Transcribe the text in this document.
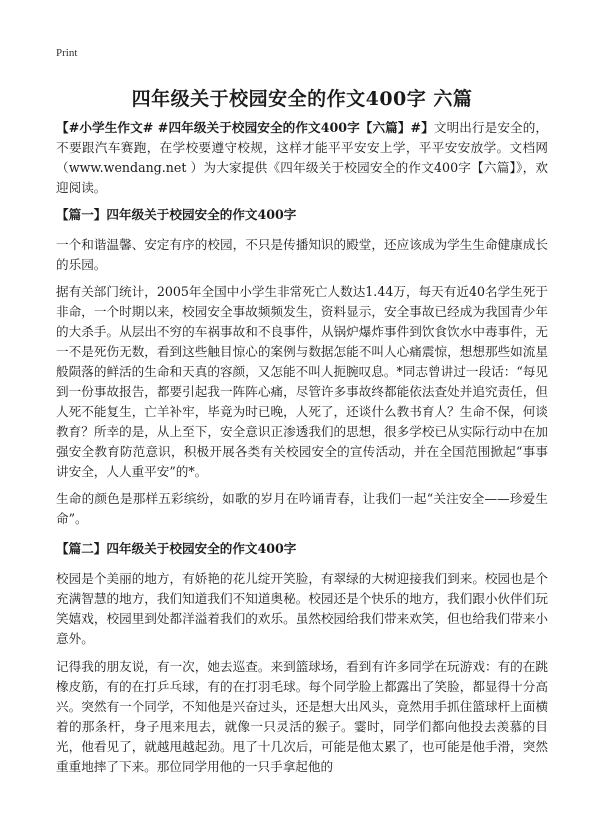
Print
四年级关于校园安全的作文400字 六篇

【#小学生作文# #四年级关于校园安全的作文400字【六篇】#】文明出行是安全的，不要跟汽车赛跑，在学校要遵守校规，这样才能平平安安上学，平平安安放学。文档网（www.wendang.net ）为大家提供《四年级关于校园安全的作文400字【六篇】》，欢迎阅读。

【篇一】四年级关于校园安全的作文400字

一个和谐温馨、安定有序的校园，不只是传播知识的殿堂，还应该成为学生生命健康成长的乐园。

据有关部门统计，2005年全国中小学生非常死亡人数达1.44万，每天有近40名学生死于非命，一个时期以来，校园安全事故频频发生，资料显示，安全事故已经成为我国青少年的大杀手。从层出不穷的车祸事故和不良事件，从锅炉爆炸事件到饮食饮水中毒事件，无一不是死伤无数，看到这些触目惊心的案例与数据怎能不叫人心痛震惊，想想那些如流星般陨落的鲜活的生命和天真的容颜，又怎能不叫人扼腕叹息。*同志曾讲过一段话：“每见到一份事故报告，都要引起我一阵阵心痛，尽管许多事故终都能依法查处并追究责任，但人死不能复生，亡羊补牢，毕竟为时已晚，人死了，还谈什么教书育人？生命不保，何谈教育？所幸的是，从上至下，安全意识正渗透我们的思想，很多学校已从实际行动中在加强安全教育防范意识，积极开展各类有关校园安全的宣传活动，并在全国范围掀起“事事讲安全，人人重平安”的*。

生命的颜色是那样五彩缤纷，如歌的岁月在吟诵青春，让我们一起“关注安全——珍爱生命”。

【篇二】四年级关于校园安全的作文400字

校园是个美丽的地方，有娇艳的花儿绽开笑脸，有翠绿的大树迎接我们到来。校园也是个充满智慧的地方，我们知道我们不知道奥秘。校园还是个快乐的地方，我们跟小伙伴们玩笑嬉戏，校园里到处都洋溢着我们的欢乐。虽然校园给我们带来欢笑，但也给我们带来小意外。

记得我的朋友说，有一次，她去巡查。来到篮球场，看到有许多同学在玩游戏：有的在跳橡皮筋，有的在打乒乓球，有的在打羽毛球。每个同学脸上都露出了笑脸，都显得十分高兴。突然有一个同学，不知他是兴奋过头，还是想大出风头，竟然用手抓住篮球杆上面横着的那条杆，身子甩来甩去，就像一只灵活的猴子。霎时，同学们都向他投去羡慕的目光，他看见了，就越甩越起劲。甩了十几次后，可能是他太累了，也可能是他手滑，突然重重地摔了下来。那位同学用他的一只手拿起他的
